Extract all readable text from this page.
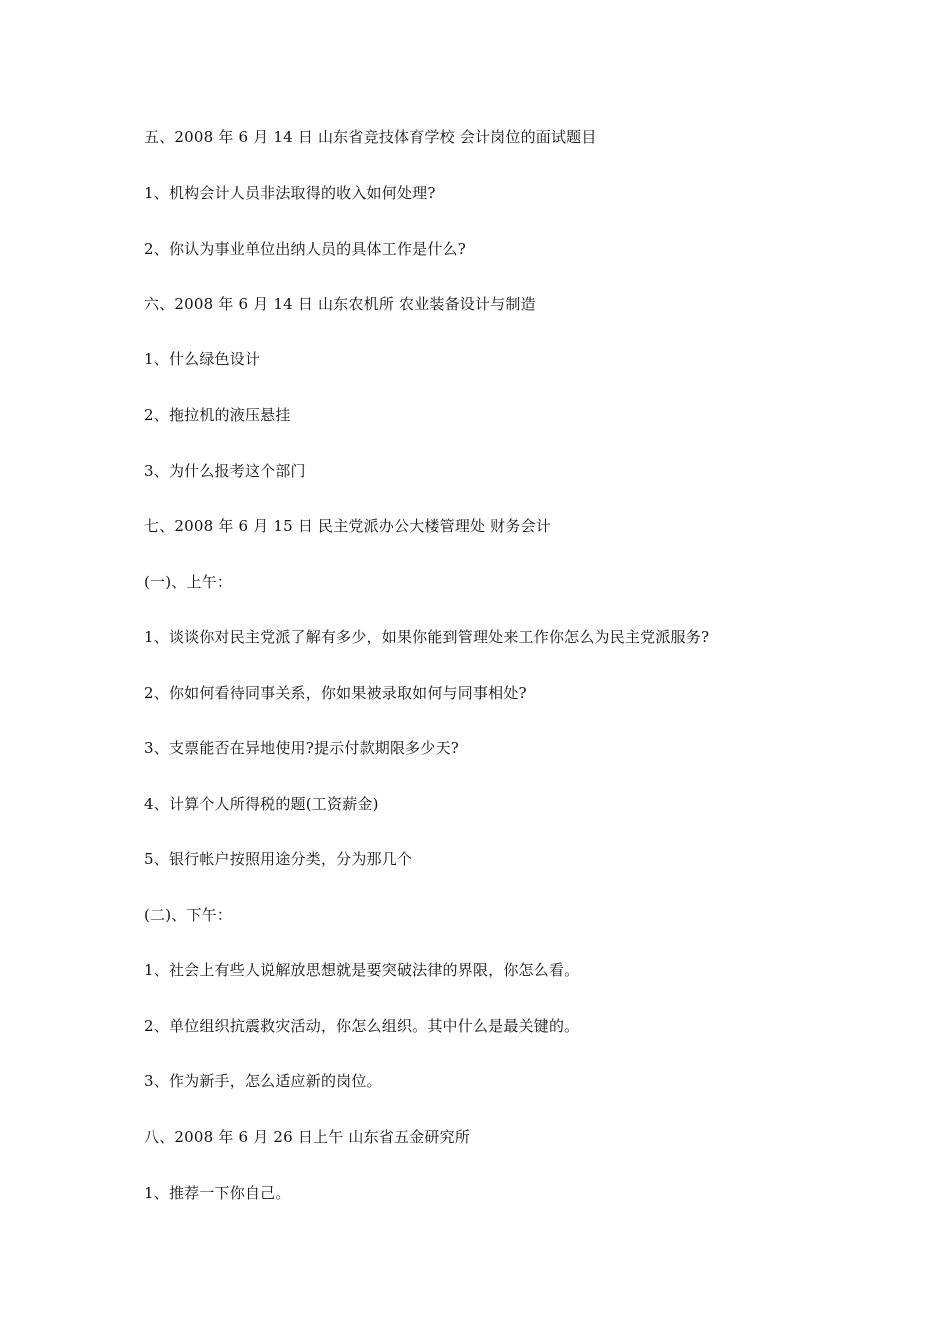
五、2008 年 6 月 14 日 山东省竞技体育学校 会计岗位的面试题目
1、机构会计人员非法取得的收入如何处理?
2、你认为事业单位出纳人员的具体工作是什么?
六、2008 年 6 月 14 日 山东农机所 农业装备设计与制造
1、什么绿色设计
2、拖拉机的液压悬挂
3、为什么报考这个部门
七、2008 年 6 月 15 日 民主党派办公大楼管理处 财务会计
(一)、上午：
1、谈谈你对民主党派了解有多少，如果你能到管理处来工作你怎么为民主党派服务?
2、你如何看待同事关系，你如果被录取如何与同事相处?
3、支票能否在异地使用?提示付款期限多少天?
4、计算个人所得税的题(工资薪金)
5、银行帐户按照用途分类，分为那几个
(二)、下午：
1、社会上有些人说解放思想就是要突破法律的界限，你怎么看。
2、单位组织抗震救灾活动，你怎么组织。其中什么是最关键的。
3、作为新手，怎么适应新的岗位。
八、2008 年 6 月 26 日上午 山东省五金研究所
1、推荐一下你自己。
